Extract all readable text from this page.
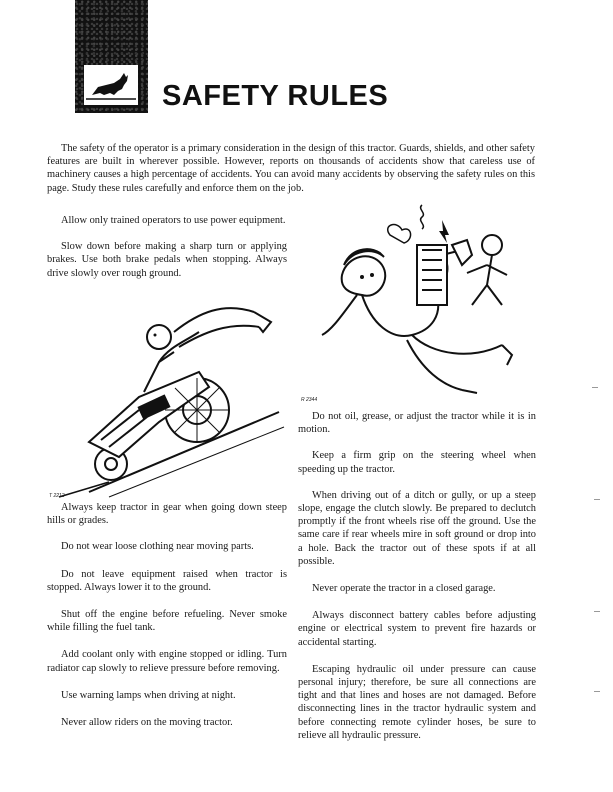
SAFETY RULES

The safety of the operator is a primary consideration in the design of this tractor. Guards, shields, and other safety features are built in wherever possible. However, reports on thousands of accidents show that careless use of machinery causes a high percentage of accidents. You can avoid many accidents by observing the safety rules on this page. Study these rules carefully and enforce them on the job.

Allow only trained operators to use power equipment.

Slow down before making a sharp turn or applying brakes. Use both brake pedals when stopping. Always drive slowly over rough ground.

T 2212

Always keep tractor in gear when going down steep hills or grades.

Do not wear loose clothing near moving parts.

Do not leave equipment raised when tractor is stopped. Always lower it to the ground.

Shut off the engine before refueling. Never smoke while filling the fuel tank.

Add coolant only with engine stopped or idling. Turn radiator cap slowly to relieve pressure before removing.

Use warning lamps when driving at night.

Never allow riders on the moving tractor.

R 2344

Do not oil, grease, or adjust the tractor while it is in motion.

Keep a firm grip on the steering wheel when speeding up the tractor.

When driving out of a ditch or gully, or up a steep slope, engage the clutch slowly. Be prepared to declutch promptly if the front wheels rise off the ground. Use the same care if rear wheels mire in soft ground or drop into a hole. Back the tractor out of these spots if at all possible.

Never operate the tractor in a closed garage.

Always disconnect battery cables before adjusting engine or electrical system to prevent fire hazards or accidental starting.

Escaping hydraulic oil under pressure can cause personal injury; therefore, be sure all connections are tight and that lines and hoses are not damaged. Before disconnecting lines in the tractor hydraulic system and before connecting remote cylinder hoses, be sure to relieve all hydraulic pressure.
